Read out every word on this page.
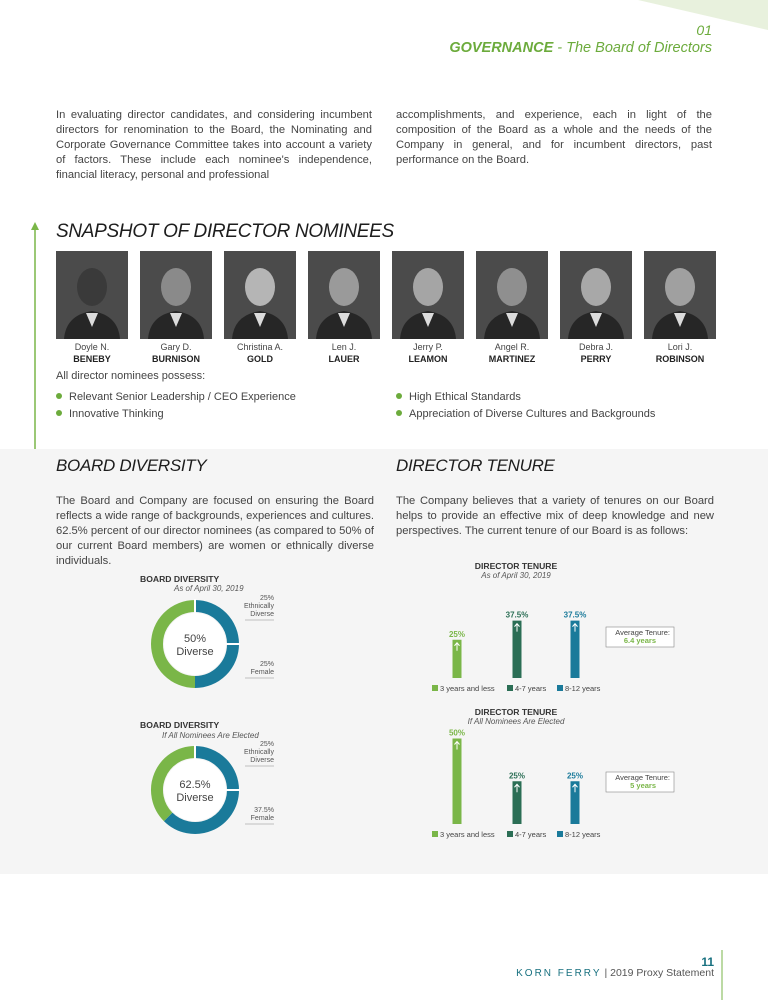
01
GOVERNANCE - The Board of Directors

In evaluating director candidates, and considering incumbent directors for renomination to the Board, the Nominating and Corporate Governance Committee takes into account a variety of factors. These include each nominee's independence, financial literacy, personal and professional

accomplishments, and experience, each in light of the composition of the Board as a whole and the needs of the Company in general, and for incumbent directors, past performance on the Board.

SNAPSHOT OF DIRECTOR NOMINEES
Doyle N.
BENEBY
Gary D.
BURNISON
Christina A.
GOLD
Len J.
LAUER
Jerry P.
LEAMON
Angel R.
MARTINEZ
Debra J.
PERRY
Lori J.
ROBINSON
All director nominees possess:
Relevant Senior Leadership / CEO Experience
Innovative Thinking
High Ethical Standards
Appreciation of Diverse Cultures and Backgrounds
BOARD DIVERSITY	DIRECTOR TENURE

The Board and Company are focused on ensuring the Board reflects a wide range of backgrounds, experiences and cultures. 62.5% percent of our director nominees (as compared to 50% of our current Board members) are women or ethnically diverse individuals.

The Company believes that a variety of tenures on our Board helps to provide an effective mix of deep knowledge and new perspectives. The current tenure of our Board is as follows:

BOARD DIVERSITY
As of April 30, 2019
50%
Diverse
25%
Ethnically
Diverse
25%
Female
BOARD DIVERSITY
If All Nominees Are Elected
62.5%
Diverse
25%
Ethnically
Diverse
37.5%
Female
DIRECTOR TENURE
As of April 30, 2019
25%
37.5%	37.5%
Average Tenure:
6.4 years
3 years and less	4-7 years 8-12 years
DIRECTOR TENURE
If All Nominees Are Elected
50%
25%	25%	Average Tenure:
5 years
3 years and less	4-7 years 8-12 years
11
KORN FERRY | 2019 Proxy Statement
